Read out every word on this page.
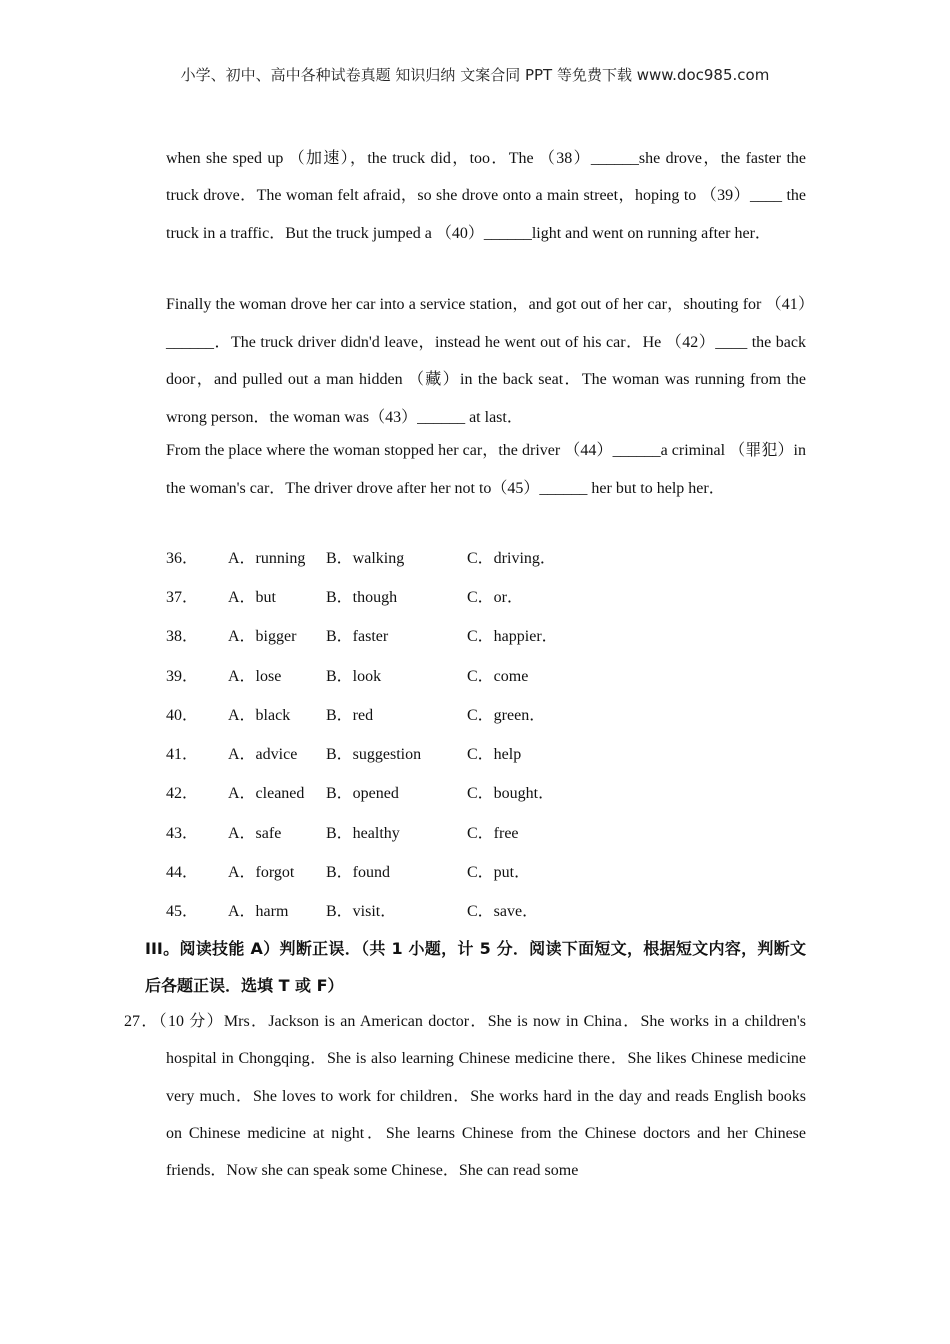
小学、初中、高中各种试卷真题 知识归纳 文案合同 PPT 等免费下载 www.doc985.com

when she sped up （加速），the truck did，too．The （38）______she drove，the faster the truck drove．The woman felt afraid，so she drove onto a main street，hoping to （39）____ the truck in a traffic．But the truck jumped a （40）______light and went on running after her．

Finally the woman drove her car into a service station，and got out of her car，shouting for （41）______．The truck driver didn'd leave，instead he went out of his car．He （42）____ the back door，and pulled out a man hidden （藏）in the back seat．The woman was running from the wrong person．the woman was（43）______ at last．

From the place where the woman stopped her car，the driver （44）______a criminal （罪犯）in the woman's car．The driver drove after her not to（45）______ her but to help her．

36． A．running B．walking	C．driving．
37． A．but	B．though	C．or．
38． A．bigger B．faster	C．happier．
39． A．lose	B．look	C．come
40． A．black B．red	C．green．
41． A．advice B．suggestion	C．help
42． A．cleaned B．opened	C．bought．
43． A．safe	B．healthy	C．free
44． A．forgot B．found	C．put．
45． A．harm B．visit．	C．save．

III。阅读技能 A）判断正误．（共 1 小题，计 5 分．阅读下面短文，根据短文内容，判断文后各题正误．选填 T 或 F）

27．（10 分）Mrs．Jackson is an American doctor．She is now in China．She works in a children's hospital in Chongqing．She is also learning Chinese medicine there．She likes Chinese medicine very much．She loves to work for children．She works hard in the day and reads English books on Chinese medicine at night．She learns Chinese from the Chinese doctors and her Chinese friends．Now she can speak some Chinese．She can read some
